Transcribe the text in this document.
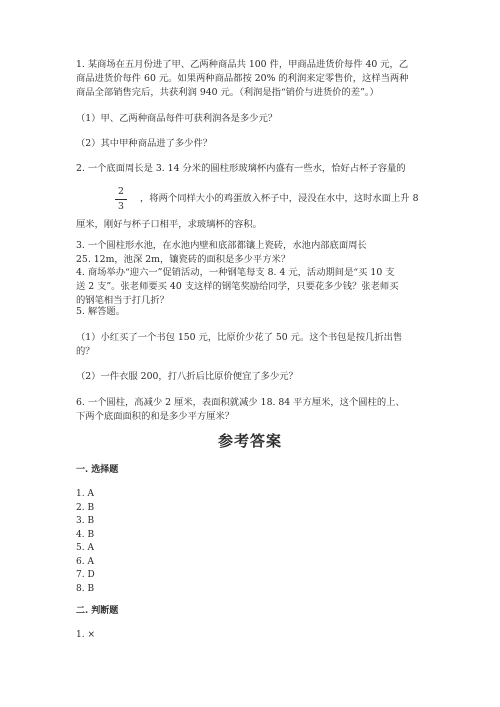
1. 某商场在五月份进了甲、乙两种商品共 100 件，甲商品进货价每件 40 元，乙
商品进货价每件 60 元。如果两种商品都按 20% 的利润来定零售价，这样当两种
商品全部销售完后，共获利润 940 元。（利润是指“销价与进货价的差”。）
（1）甲、乙两种商品每件可获利润各是多少元？
（2）其中甲种商品进了多少件？
2. 一个底面周长是 3. 14 分米的圆柱形玻璃杯内盛有一些水，恰好占杯子容量的
2
3
，将两个同样大小的鸡蛋放入杯子中，浸没在水中，这时水面上升 8
厘米，刚好与杯子口相平，求玻璃杯的容积。
3. 一个圆柱形水池，在水池内壁和底部都镶上瓷砖，水池内部底面周长
25. 12m，池深 2m，镶瓷砖的面积是多少平方米？
4. 商场举办“迎六一”促销活动，一种钢笔每支 8. 4 元，活动期间是“买 10 支
送 2 支”。张老师要买 40 支这样的钢笔奖励给同学，只要花多少钱？张老师买
的钢笔相当于打几折？
5. 解答题。
（1）小红买了一个书包 150 元，比原价少花了 50 元。这个书包是按几折出售
的？
（2）一件衣服 200，打八折后比原价便宜了多少元？
6. 一个圆柱，高减少 2 厘米，表面积就减少 18. 84 平方厘米，这个圆柱的上、
下两个底面面积的和是多少平方厘米？
参考答案
一. 选择题
1. A
2. B
3. B
4. B
5. A
6. A
7. D
8. B
二. 判断题
1. ×
